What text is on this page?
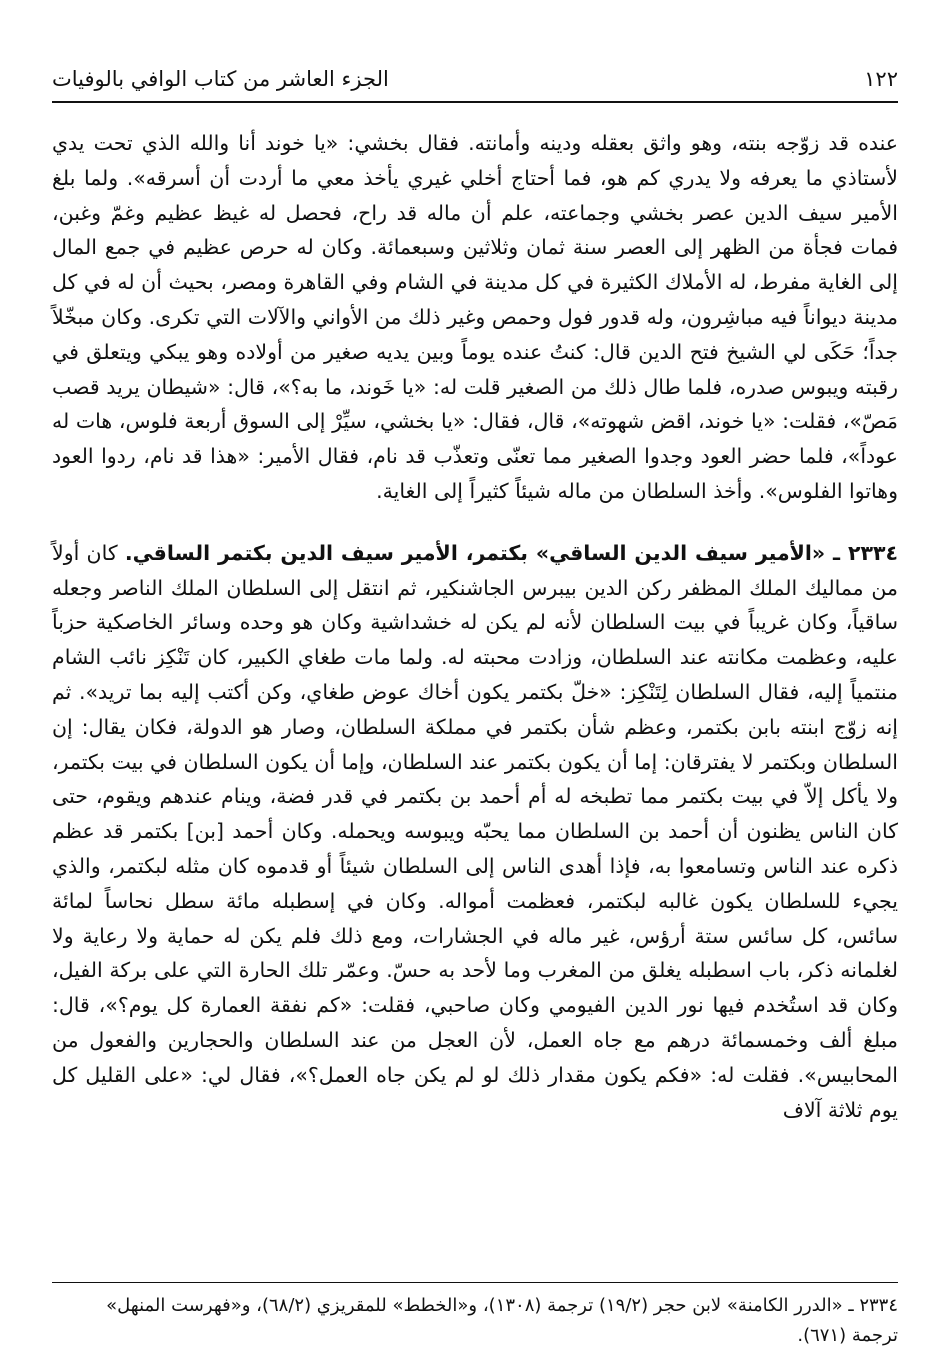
١٢٢
الجزء العاشر من كتاب الوافي بالوفيات

عنده قد زوّجه بنته، وهو واثق بعقله ودينه وأمانته. فقال بخشي: «يا خوند أنا والله الذي تحت يدي لأستاذي ما يعرفه ولا يدري كم هو، فما أحتاج أخلي غيري يأخذ معي ما أردت أن أسرقه». ولما بلغ الأمير سيف الدين عصر بخشي وجماعته، علم أن ماله قد راح، فحصل له غيظ عظيم وغمّ وغبن، فمات فجأة من الظهر إلى العصر سنة ثمان وثلاثين وسبعمائة. وكان له حرص عظيم في جمع المال إلى الغاية مفرط، له الأملاك الكثيرة في كل مدينة في الشام وفي القاهرة ومصر، بحيث أن له في كل مدينة ديواناً فيه مباشِرون، وله قدور فول وحمص وغير ذلك من الأواني والآلات التي تكرى. وكان مبخّلاً جداً؛ حَكَى لي الشيخ فتح الدين قال: كنتُ عنده يوماً وبين يديه صغير من أولاده وهو يبكي ويتعلق في رقبته ويبوس صدره، فلما طال ذلك من الصغير قلت له: «يا خَوند، ما به؟»، قال: «شيطان يريد قصب مَصّ»، فقلت: «يا خوند، اقض شهوته»، قال، فقال: «يا بخشي، سيِّرْ إلى السوق أربعة فلوس، هات له عوداً»، فلما حضر العود وجدوا الصغير مما تعنّى وتعذّب قد نام، فقال الأمير: «هذا قد نام، ردوا العود وهاتوا الفلوس». وأخذ السلطان من ماله شيئاً كثيراً إلى الغاية.

٢٣٣٤ ـ «الأمير سيف الدين الساقي» بكتمر، الأمير سيف الدين بكتمر الساقي. كان أولاً من مماليك الملك المظفر ركن الدين بيبرس الجاشنكير، ثم انتقل إلى السلطان الملك الناصر وجعله ساقياً، وكان غريباً في بيت السلطان لأنه لم يكن له خشداشية وكان هو وحده وسائر الخاصكية حزباً عليه، وعظمت مكانته عند السلطان، وزادت محبته له. ولما مات طغاي الكبير، كان تَنْكِز نائب الشام منتمياً إليه، فقال السلطان لِتَنْكِز: «خلّ بكتمر يكون أخاك عوض طغاي، وكن أكتب إليه بما تريد». ثم إنه زوّج ابنته بابن بكتمر، وعظم شأن بكتمر في مملكة السلطان، وصار هو الدولة، فكان يقال: إن السلطان وبكتمر لا يفترقان: إما أن يكون بكتمر عند السلطان، وإما أن يكون السلطان في بيت بكتمر، ولا يأكل إلاّ في بيت بكتمر مما تطبخه له أم أحمد بن بكتمر في قدر فضة، وينام عندهم ويقوم، حتى كان الناس يظنون أن أحمد بن السلطان مما يحبّه ويبوسه ويحمله. وكان أحمد [بن] بكتمر قد عظم ذكره عند الناس وتسامعوا به، فإذا أهدى الناس إلى السلطان شيئاً أو قدموه كان مثله لبكتمر، والذي يجيء للسلطان يكون غالبه لبكتمر، فعظمت أمواله. وكان في إسطبله مائة سطل نحاساً لمائة سائس، كل سائس ستة أرؤس، غير ماله في الجشارات، ومع ذلك فلم يكن له حماية ولا رعاية ولا لغلمانه ذكر، باب اسطبله يغلق من المغرب وما لأحد به حسّ. وعمّر تلك الحارة التي على بركة الفيل، وكان قد استُخدم فيها نور الدين الفيومي وكان صاحبي، فقلت: «كم نفقة العمارة كل يوم؟»، قال: مبلغ ألف وخمسمائة درهم مع جاه العمل، لأن العجل من عند السلطان والحجارين والفعول من المحابيس». فقلت له: «فكم يكون مقدار ذلك لو لم يكن جاه العمل؟»، فقال لي: «على القليل كل يوم ثلاثة آلاف

٢٣٣٤ ـ «الدرر الكامنة» لابن حجر (١٩/٢) ترجمة (١٣٠٨)، و«الخطط» للمقريزي (٦٨/٢)، و«فهرست المنهل»

ترجمة (٦٧١).
